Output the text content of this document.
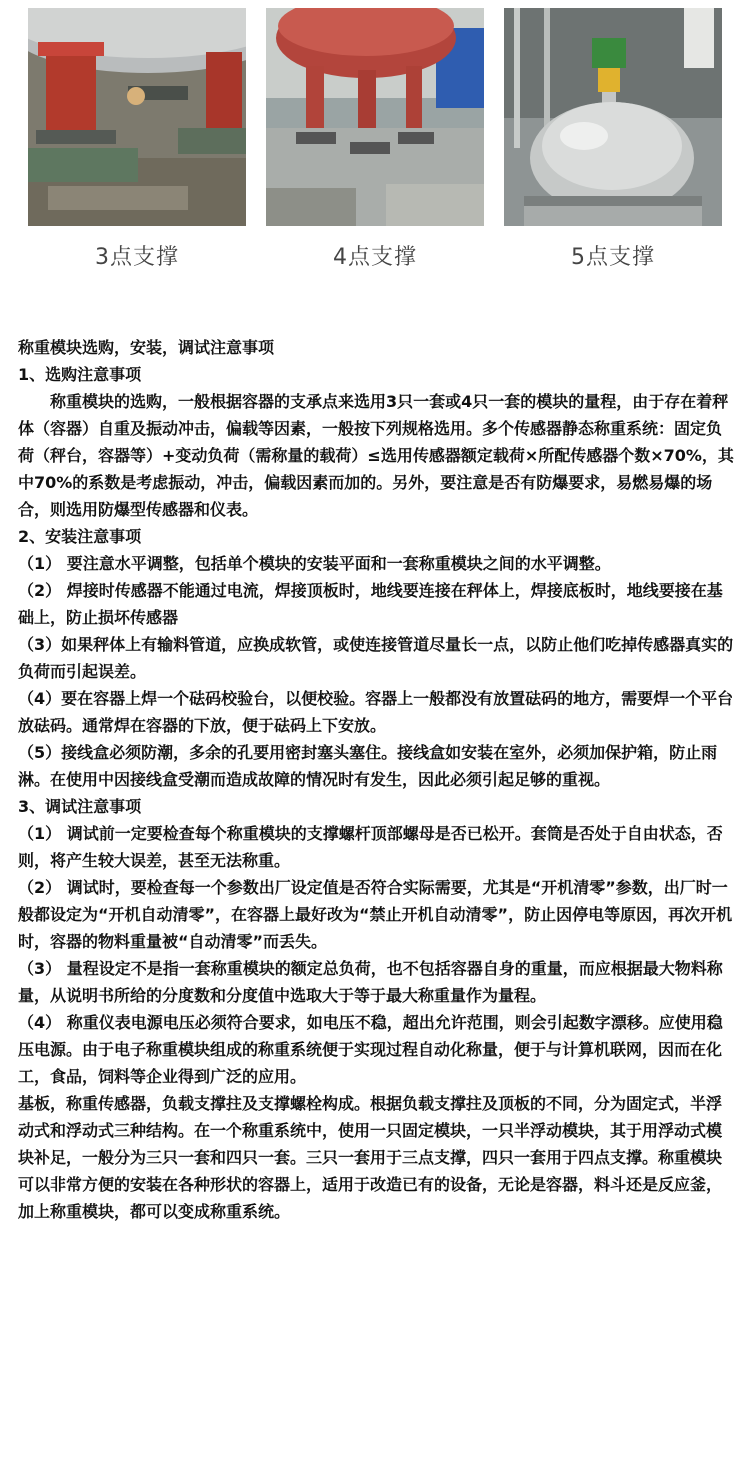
3点支撑	4点支撑	5点支撑

称重模块选购，安装，调试注意事项

1、选购注意事项

称重模块的选购，一般根据容器的支承点来选用3只一套或4只一套的模块的量程，由于存在着秤体（容器）自重及振动冲击，偏载等因素，一般按下列规格选用。多个传感器静态称重系统：固定负荷（秤台，容器等）+变动负荷（需称量的载荷）≤选用传感器额定载荷×所配传感器个数×70%，其中70%的系数是考虑振动，冲击，偏载因素而加的。另外，要注意是否有防爆要求，易燃易爆的场合，则选用防爆型传感器和仪表。

2、安装注意事项

（1） 要注意水平调整，包括单个模块的安装平面和一套称重模块之间的水平调整。

（2） 焊接时传感器不能通过电流，焊接顶板时，地线要连接在秤体上，焊接底板时，地线要接在基础上，防止损坏传感器

（3）如果秤体上有输料管道，应换成软管，或使连接管道尽量长一点，以防止他们吃掉传感器真实的负荷而引起误差。

（4）要在容器上焊一个砝码校验台，以便校验。容器上一般都没有放置砝码的地方，需要焊一个平台放砝码。通常焊在容器的下放，便于砝码上下安放。

（5）接线盒必须防潮，多余的孔要用密封塞头塞住。接线盒如安装在室外，必须加保护箱，防止雨淋。在使用中因接线盒受潮而造成故障的情况时有发生，因此必须引起足够的重视。

3、调试注意事项

（1） 调试前一定要检查每个称重模块的支撑螺杆顶部螺母是否已松开。套筒是否处于自由状态，否则，将产生较大误差，甚至无法称重。

（2） 调试时，要检查每一个参数出厂设定值是否符合实际需要，尤其是“开机清零”参数，出厂时一般都设定为“开机自动清零”，在容器上最好改为“禁止开机自动清零”，防止因停电等原因，再次开机时，容器的物料重量被“自动清零”而丢失。

（3） 量程设定不是指一套称重模块的额定总负荷，也不包括容器自身的重量，而应根据最大物料称量，从说明书所给的分度数和分度值中选取大于等于最大称重量作为量程。

（4） 称重仪表电源电压必须符合要求，如电压不稳，超出允许范围，则会引起数字漂移。应使用稳压电源。由于电子称重模块组成的称重系统便于实现过程自动化称量，便于与计算机联网，因而在化工，食品，饲料等企业得到广泛的应用。

基板，称重传感器，负载支撑拄及支撑螺栓构成。根据负载支撑拄及顶板的不同，分为固定式，半浮动式和浮动式三种结构。在一个称重系统中，使用一只固定模块，一只半浮动模块，其于用浮动式模块补足，一般分为三只一套和四只一套。三只一套用于三点支撑，四只一套用于四点支撑。称重模块可以非常方便的安装在各种形状的容器上，适用于改造已有的设备，无论是容器，料斗还是反应釜，加上称重模块，都可以变成称重系统。
